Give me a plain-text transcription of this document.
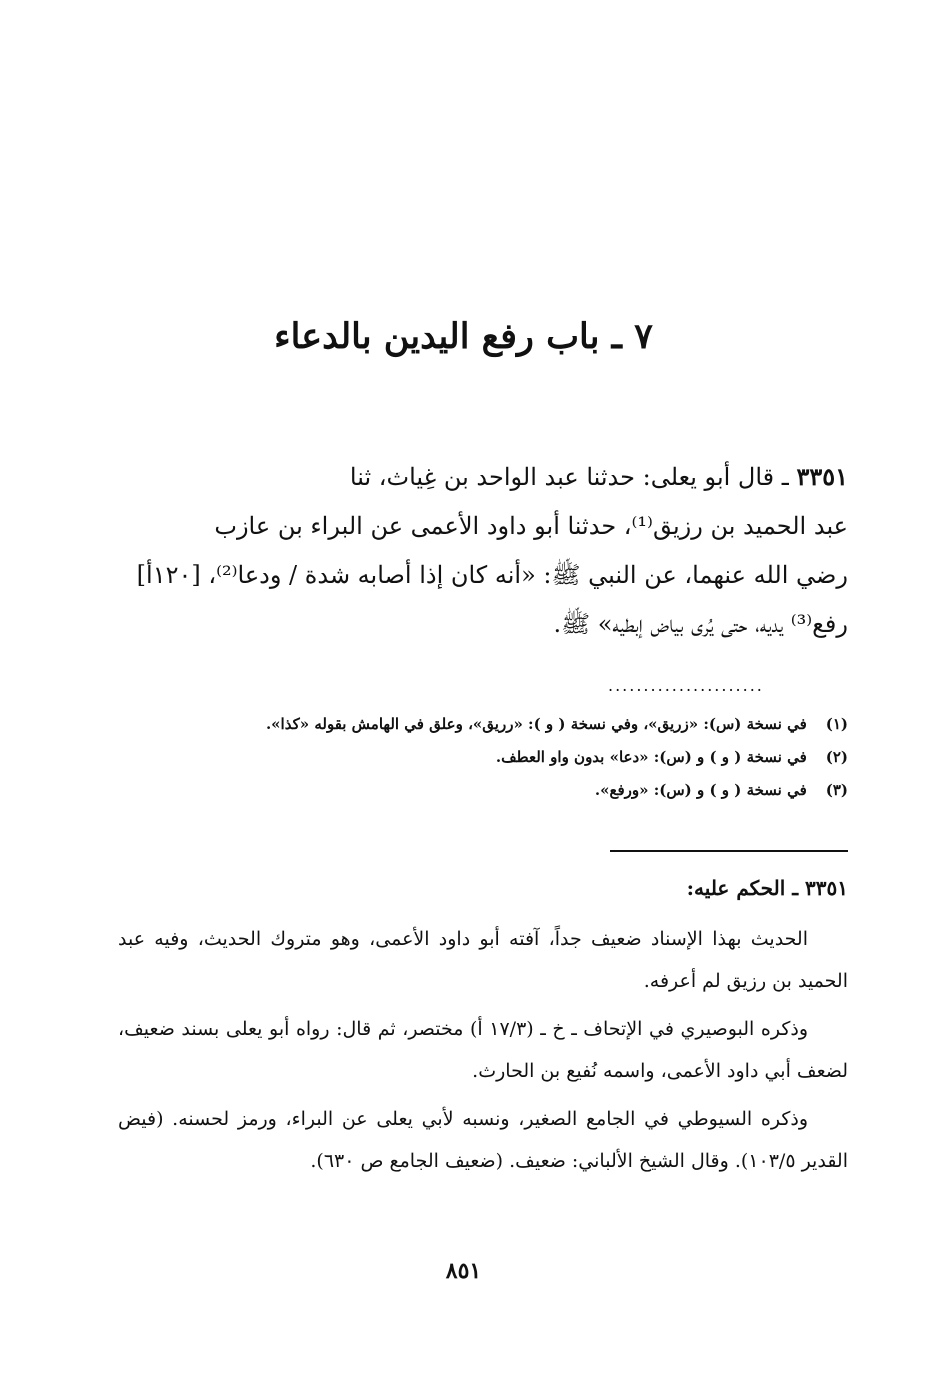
٧ ـ باب رفع اليدين بالدعاء
٣٣٥١ ـ قال أبو يعلى: حدثنا عبد الواحد بن غِياث، ثنا
عبد الحميد بن رزيق⁽¹⁾، حدثنا أبو داود الأعمى عن البراء بن عازب
رضي الله عنهما، عن النبي ﷺ: «أنه كان إذا أصابه شدة / ودعا⁽²⁾، [١٢٠أ]
رفع⁽³⁾ يديه، حتى يُرى بياض إبطيه» ﷺ.
......................
(١) في نسخة (س): «زريق»، وفي نسخة ( و ): «رريق»، وعلق في الهامش بقوله «كذا».
(٢) في نسخة ( و ) و (س): «دعا» بدون واو العطف.
(٣) في نسخة ( و ) و (س): «ورفع».
٣٣٥١ ـ الحكم عليه:

الحديث بهذا الإسناد ضعيف جداً، آفته أبو داود الأعمى، وهو متروك الحديث، وفيه عبد الحميد بن رزيق لم أعرفه.

وذكره البوصيري في الإتحاف ـ خ ـ (١٧/٣ أ) مختصر، ثم قال: رواه أبو يعلى بسند ضعيف، لضعف أبي داود الأعمى، واسمه نُفيع بن الحارث.

وذكره السيوطي في الجامع الصغير، ونسبه لأبي يعلى عن البراء، ورمز لحسنه. (فيض القدير ١٠٣/٥). وقال الشيخ الألباني: ضعيف. (ضعيف الجامع ص ٦٣٠).

٨٥١
